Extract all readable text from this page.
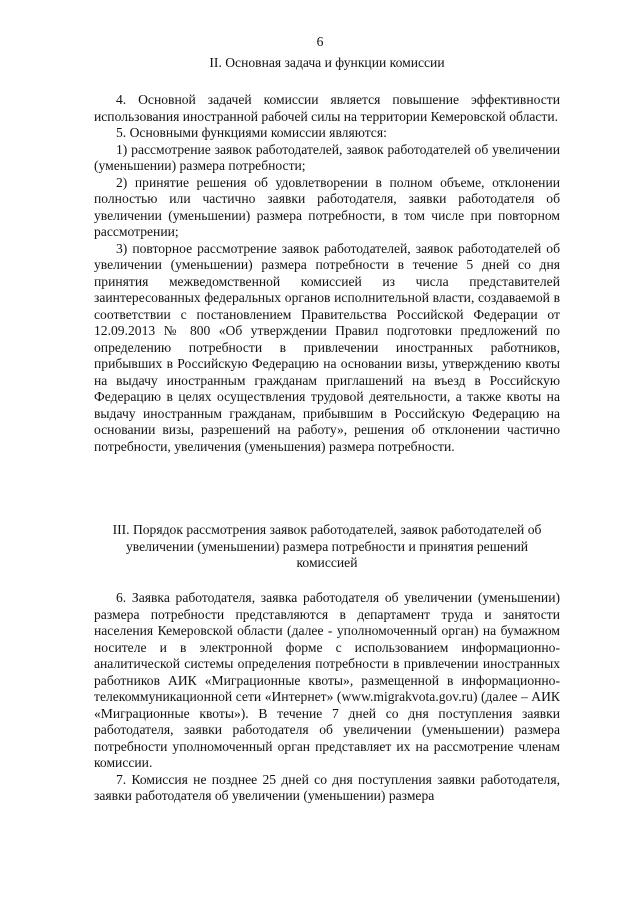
6
II. Основная задача и функции комиссии

4. Основной задачей комиссии является повышение эффективности использования иностранной рабочей силы на территории Кемеровской области.

5. Основными функциями комиссии являются:

1) рассмотрение заявок работодателей, заявок работодателей об увеличении (уменьшении) размера потребности;

2) принятие решения об удовлетворении в полном объеме, отклонении полностью или частично заявки работодателя, заявки работодателя об увеличении (уменьшении) размера потребности, в том числе при повторном рассмотрении;

3) повторное рассмотрение заявок работодателей, заявок работодателей об увеличении (уменьшении) размера потребности в течение 5 дней со дня принятия межведомственной комиссией из числа представителей заинтересованных федеральных органов исполнительной власти, создаваемой в соответствии с постановлением Правительства Российской Федерации от 12.09.2013 № 800 «Об утверждении Правил подготовки предложений по определению потребности в привлечении иностранных работников, прибывших в Российскую Федерацию на основании визы, утверждению квоты на выдачу иностранным гражданам приглашений на въезд в Российскую Федерацию в целях осуществления трудовой деятельности, а также квоты на выдачу иностранным гражданам, прибывшим в Российскую Федерацию на основании визы, разрешений на работу», решения об отклонении частично потребности, увеличения (уменьшения) размера потребности.

III. Порядок рассмотрения заявок работодателей, заявок работодателей об увеличении (уменьшении) размера потребности и принятия решений комиссией

6. Заявка работодателя, заявка работодателя об увеличении (уменьшении) размера потребности представляются в департамент труда и занятости населения Кемеровской области (далее - уполномоченный орган) на бумажном носителе и в электронной форме с использованием информационно-аналитической системы определения потребности в привлечении иностранных работников АИК «Миграционные квоты», размещенной в информационно-телекоммуникационной сети «Интернет» (www.migrakvota.gov.ru) (далее – АИК «Миграционные квоты»). В течение 7 дней со дня поступления заявки работодателя, заявки работодателя об увеличении (уменьшении) размера потребности уполномоченный орган представляет их на рассмотрение членам комиссии.

7. Комиссия не позднее 25 дней со дня поступления заявки работодателя, заявки работодателя об увеличении (уменьшении) размера
